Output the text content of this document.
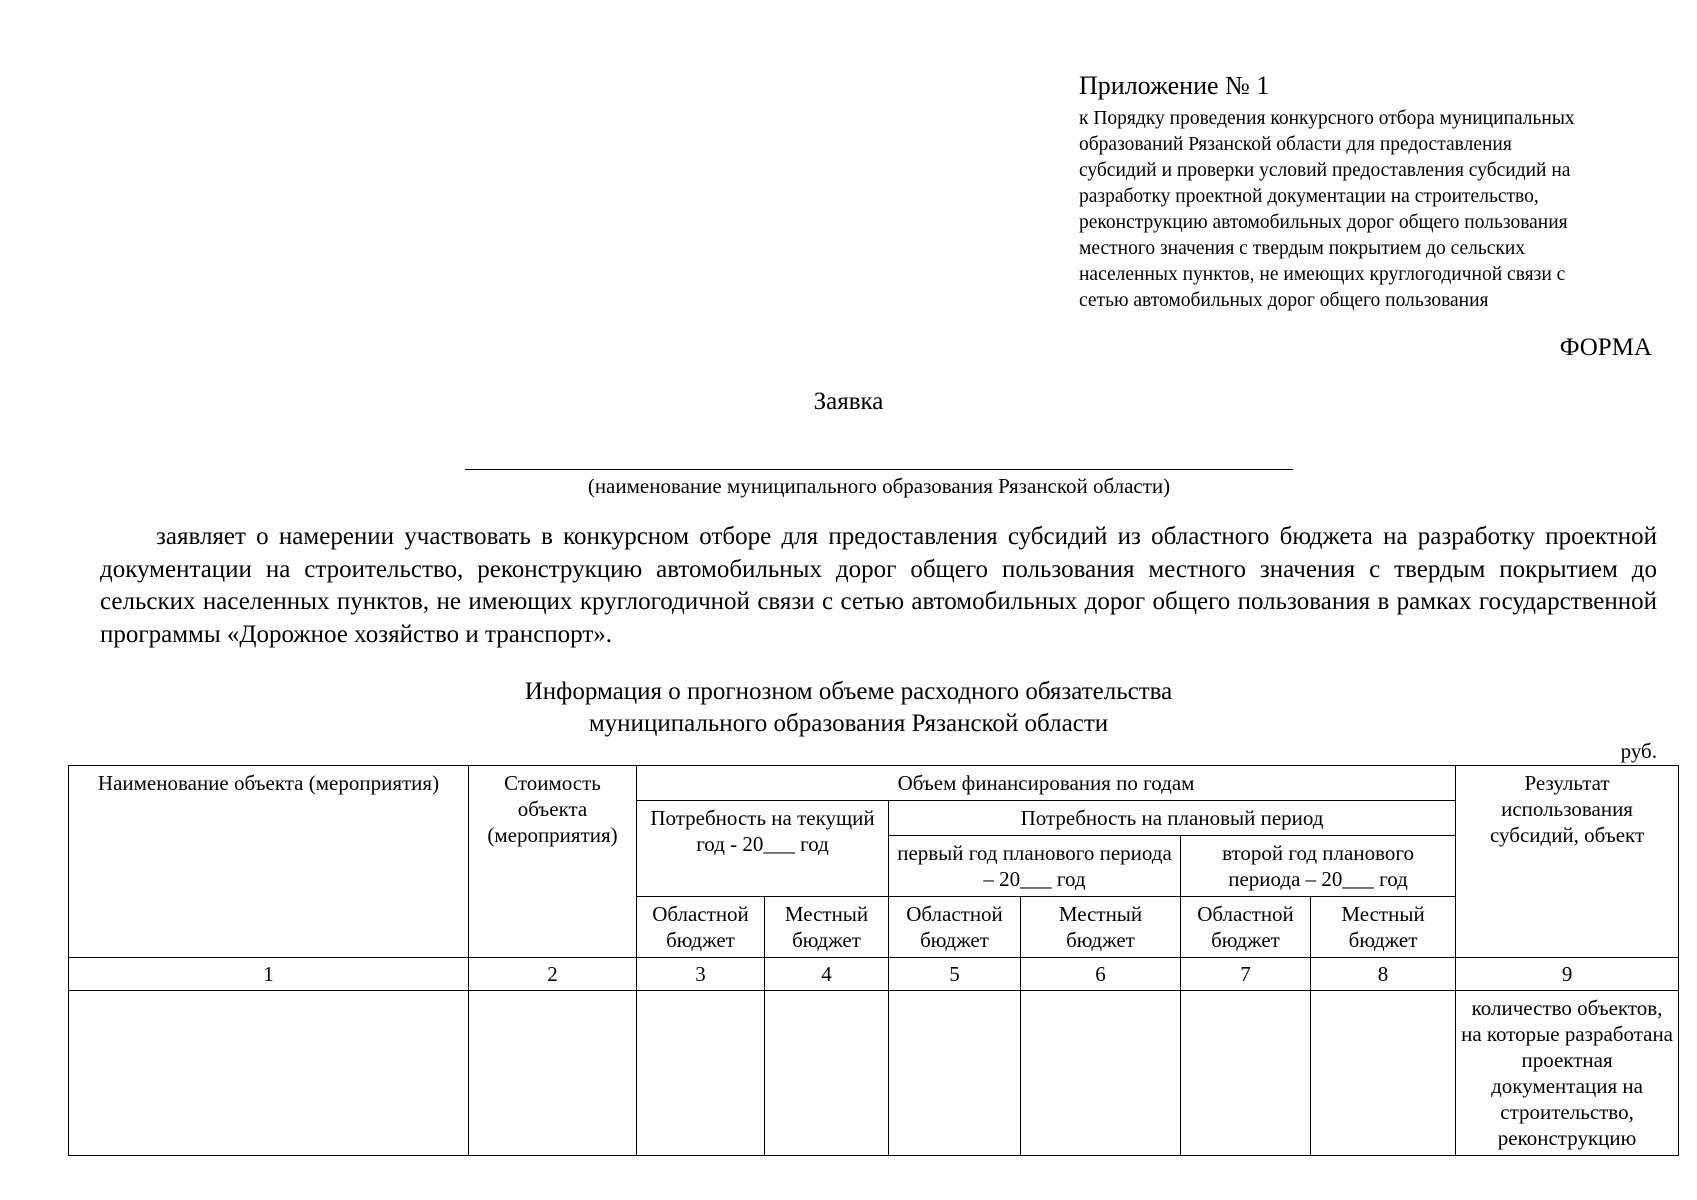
Приложение № 1
к Порядку проведения конкурсного отбора муниципальных
образований Рязанской области для предоставления
субсидий и проверки условий предоставления субсидий на
разработку проектной документации на строительство,
реконструкцию автомобильных дорог общего пользования
местного значения с твердым покрытием до сельских
населенных пунктов, не имеющих круглогодичной связи с
сетью автомобильных дорог общего пользования
ФОРМА
Заявка
(наименование муниципального образования Рязанской области)
заявляет о намерении участвовать в конкурсном отборе для предоставления субсидий из областного бюджета на разработку проектной документации на строительство, реконструкцию автомобильных дорог общего пользования местного значения с твердым покрытием до сельских населенных пунктов, не имеющих круглогодичной связи с сетью автомобильных дорог общего пользования в рамках государственной программы «Дорожное хозяйство и транспорт».
Информация о прогнозном объеме расходного обязательства
муниципального образования Рязанской области
руб.
Наименование объекта (мероприятия)	Стоимость объекта (мероприятия)	Объем финансирования по годам						Результат использования субсидий, объект
		Потребность на текущий год - 20___ год		Потребность на плановый период				
				первый год планового периода – 20___ год		второй год планового периода – 20___ год		
		Областной бюджет	Местный бюджет	Областной бюджет	Местный бюджет	Областной бюджет	Местный бюджет	
1	2	3	4	5	6	7	8	9
								количество объектов, на которые разработана проектная документация на строительство, реконструкцию
